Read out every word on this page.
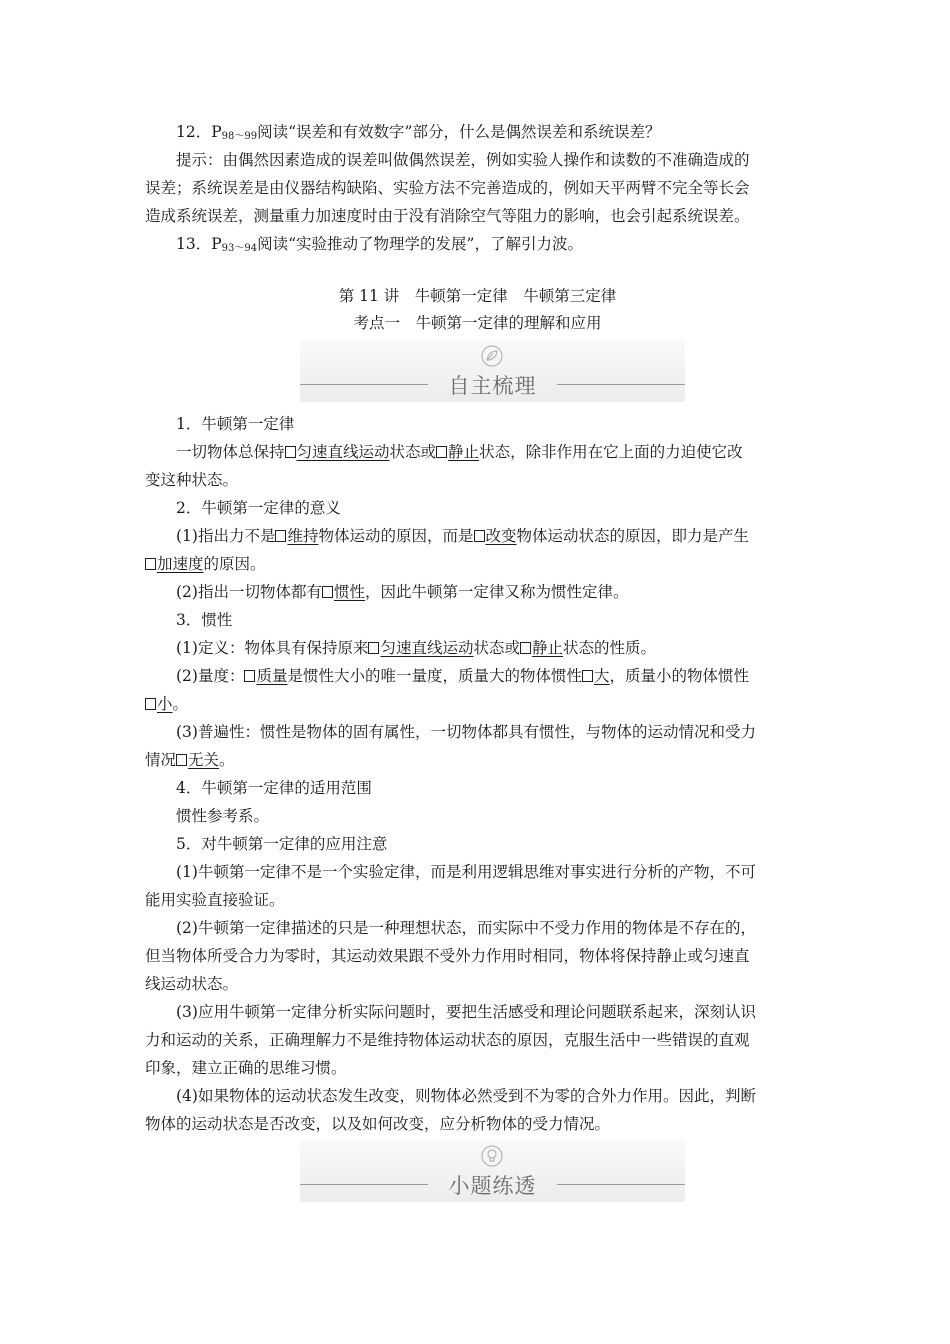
12．$P_{98\sim 99}$阅读“误差和有效数字”部分，什么是偶然误差和系统误差？

提示：由偶然因素造成的误差叫做偶然误差，例如实验人操作和读数的不准确造成的

误差；系统误差是由仪器结构缺陷、实验方法不完善造成的，例如天平两臂不完全等长会

造成系统误差，测量重力加速度时由于没有消除空气等阻力的影响，也会引起系统误差。

13．$P_{93\sim 94}$阅读“实验推动了物理学的发展”，了解引力波。

第 11 讲　牛顿第一定律　牛顿第三定律
考点一　牛顿第一定律的理解和应用
自主梳理

1．牛顿第一定律

一切物体总保持 匀速直线运动状态或 静止状态，除非作用在它上面的力迫使它改

变这种状态。

2．牛顿第一定律的意义

(1)指出力不是 维持物体运动的原因，而是 改变物体运动状态的原因，即力是产生

加速度的原因。

(2)指出一切物体都有 惯性，因此牛顿第一定律又称为惯性定律。

3．惯性

(1)定义：物体具有保持原来 匀速直线运动状态或 静止状态的性质。

(2)量度： 质量是惯性大小的唯一量度，质量大的物体惯性 大，质量小的物体惯性

小。

(3)普遍性：惯性是物体的固有属性，一切物体都具有惯性，与物体的运动情况和受力

情况 无关。

4．牛顿第一定律的适用范围

惯性参考系。

5．对牛顿第一定律的应用注意

(1)牛顿第一定律不是一个实验定律，而是利用逻辑思维对事实进行分析的产物，不可

能用实验直接验证。

(2)牛顿第一定律描述的只是一种理想状态，而实际中不受力作用的物体是不存在的，

但当物体所受合力为零时，其运动效果跟不受外力作用时相同，物体将保持静止或匀速直

线运动状态。

(3)应用牛顿第一定律分析实际问题时，要把生活感受和理论问题联系起来，深刻认识

力和运动的关系，正确理解力不是维持物体运动状态的原因，克服生活中一些错误的直观

印象，建立正确的思维习惯。

(4)如果物体的运动状态发生改变，则物体必然受到不为零的合外力作用。因此，判断

物体的运动状态是否改变，以及如何改变，应分析物体的受力情况。

小题练透
